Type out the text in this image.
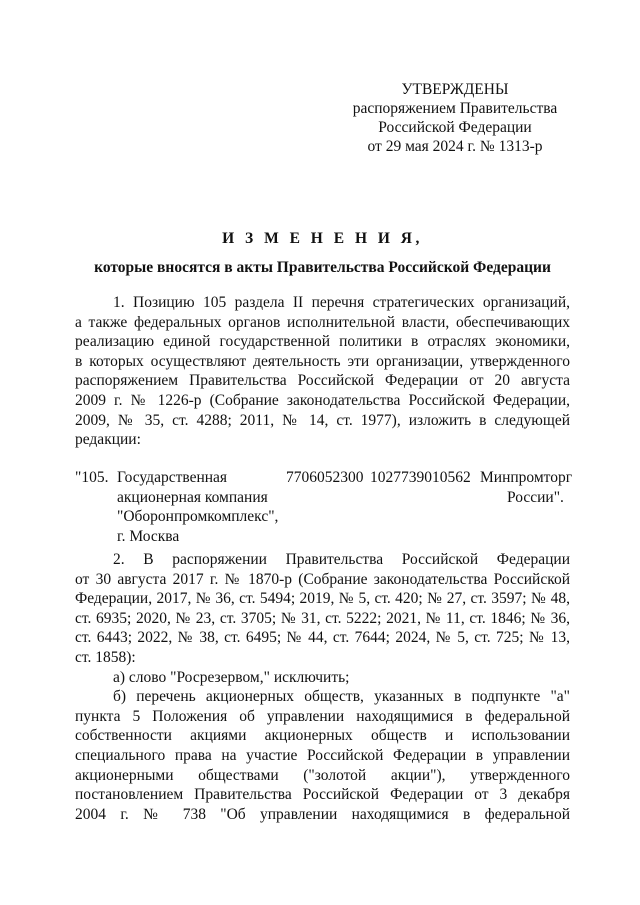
УТВЕРЖДЕНЫ
распоряжением Правительства
Российской Федерации
от 29 мая 2024 г. № 1313-р
И З М Е Н Е Н И Я,
которые вносятся в акты Правительства Российской Федерации
1. Позицию 105 раздела II перечня стратегических организаций,
а также федеральных органов исполнительной власти, обеспечивающих
реализацию единой государственной политики в отраслях экономики,
в которых осуществляют деятельность эти организации, утвержденного
распоряжением Правительства Российской Федерации от 20 августа
2009 г. № 1226-р (Собрание законодательства Российской Федерации,
2009, № 35, ст. 4288; 2011, № 14, ст. 1977), изложить в следующей
редакции:
"105. Государственная
акционерная компания
"Оборонпромкомплекс",
г. Москва
7706052300 1027739010562 Минпромторг
России".
2. В распоряжении Правительства Российской Федерации
от 30 августа 2017 г. № 1870-р (Собрание законодательства Российской
Федерации, 2017, № 36, ст. 5494; 2019, № 5, ст. 420; № 27, ст. 3597; № 48,
ст. 6935; 2020, № 23, ст. 3705; № 31, ст. 5222; 2021, № 11, ст. 1846; № 36,
ст. 6443; 2022, № 38, ст. 6495; № 44, ст. 7644; 2024, № 5, ст. 725; № 13,
ст. 1858):
а) слово "Росрезервом," исключить;
б) перечень акционерных обществ, указанных в подпункте "а"
пункта 5 Положения об управлении находящимися в федеральной
собственности акциями акционерных обществ и использовании
специального права на участие Российской Федерации в управлении
акционерными обществами ("золотой акции"), утвержденного
постановлением Правительства Российской Федерации от 3 декабря
2004 г. № 738 "Об управлении находящимися в федеральной
